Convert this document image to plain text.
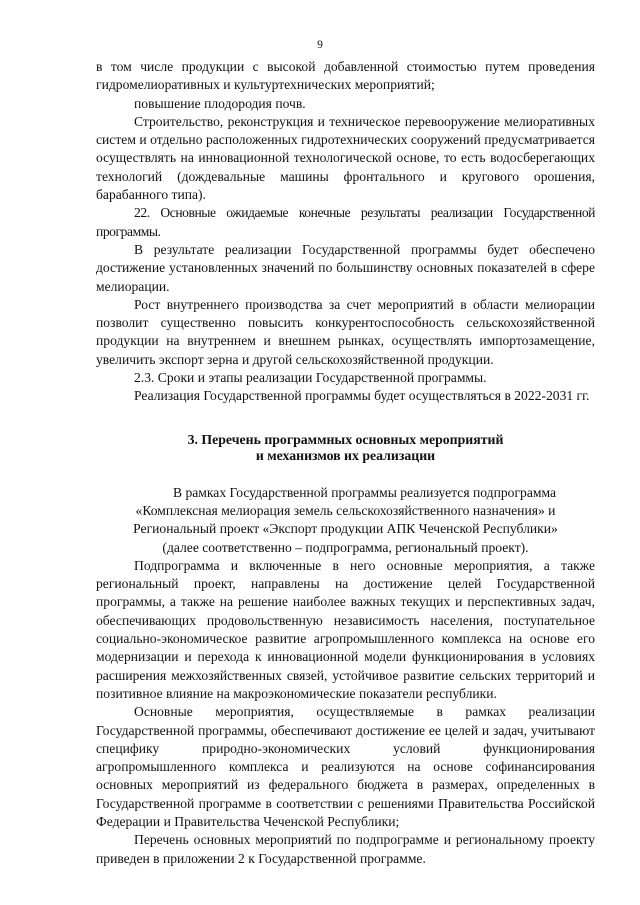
9

в том числе продукции с высокой добавленной стоимостью путем проведения гидромелиоративных и культуртехнических мероприятий;

повышение плодородия почв.

Строительство, реконструкция и техническое перевооружение мелиоративных систем и отдельно расположенных гидротехнических сооружений предусматривается осуществлять на инновационной технологической основе, то есть водосберегающих технологий (дождевальные машины фронтального и кругового орошения, барабанного типа).

22. Основные ожидаемые конечные результаты реализации Государственной программы.

В результате реализации Государственной программы будет обеспечено достижение установленных значений по большинству основных показателей в сфере мелиорации.

Рост внутреннего производства за счет мероприятий в области мелиорации позволит существенно повысить конкурентоспособность сельскохозяйственной продукции на внутреннем и внешнем рынках, осуществлять импортозамещение, увеличить экспорт зерна и другой сельскохозяйственной продукции.

2.3. Сроки и этапы реализации Государственной программы.

Реализация Государственной программы будет осуществляться в 2022-2031 гг.

3. Перечень программных основных мероприятий
и механизмов их реализации

В рамках Государственной программы реализуется подпрограмма
«Комплексная мелиорация земель сельскохозяйственного назначения» и
Региональный проект «Экспорт продукции АПК Чеченской Республики»
(далее соответственно – подпрограмма, региональный проект).

Подпрограмма и включенные в него основные мероприятия, а также региональный проект, направлены на достижение целей Государственной программы, а также на решение наиболее важных текущих и перспективных задач, обеспечивающих продовольственную независимость населения, поступательное социально-экономическое развитие агропромышленного комплекса на основе его модернизации и перехода к инновационной модели функционирования в условиях расширения межхозяйственных связей, устойчивое развитие сельских территорий и позитивное влияние на макроэкономические показатели республики.

Основные мероприятия, осуществляемые в рамках реализации Государственной программы, обеспечивают достижение ее целей и задач, учитывают специфику природно-экономических условий функционирования агропромышленного комплекса и реализуются на основе софинансирования основных мероприятий из федерального бюджета в размерах, определенных в Государственной программе в соответствии с решениями Правительства Российской Федерации и Правительства Чеченской Республики;

Перечень основных мероприятий по подпрограмме и региональному проекту приведен в приложении 2 к Государственной программе.
